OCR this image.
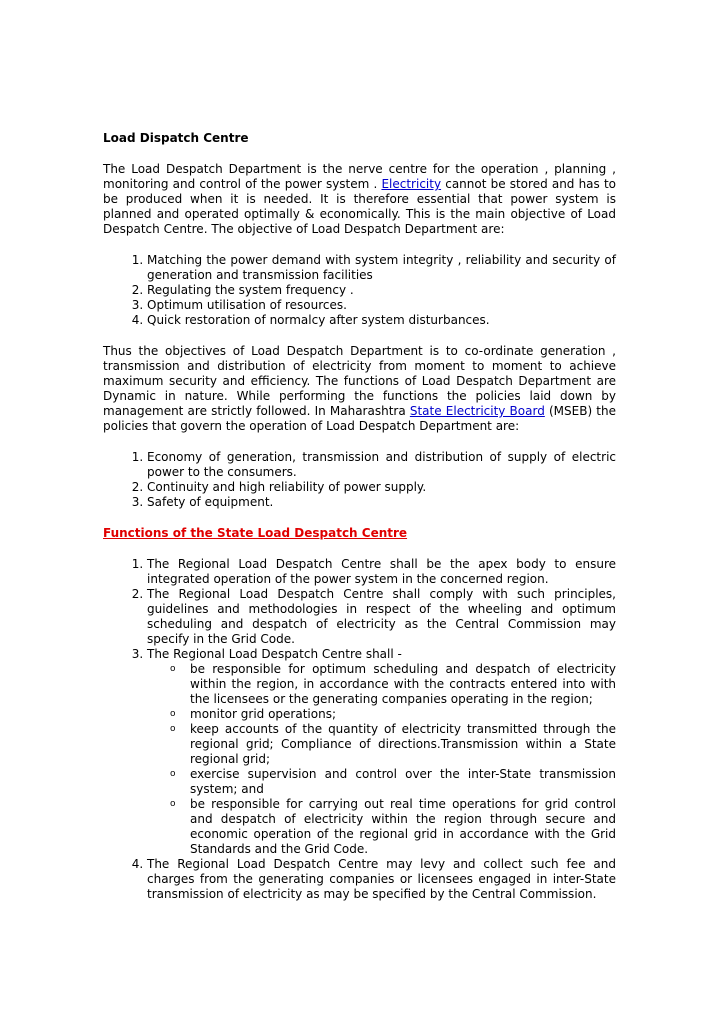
Load Dispatch Centre

The Load Despatch Department is the nerve centre for the operation , planning , monitoring and control of the power system . Electricity cannot be stored and has to be produced when it is needed. It is therefore essential that power system is planned and operated optimally & economically. This is the main objective of Load Despatch Centre. The objective of Load Despatch Department are:

1. Matching the power demand with system integrity , reliability and security of generation and transmission facilities
2. Regulating the system frequency .
3. Optimum utilisation of resources.
4. Quick restoration of normalcy after system disturbances.

Thus the objectives of Load Despatch Department is to co-ordinate generation , transmission and distribution of electricity from moment to moment to achieve maximum security and efficiency. The functions of Load Despatch Department are Dynamic in nature. While performing the functions the policies laid down by management are strictly followed. In Maharashtra State Electricity Board (MSEB) the policies that govern the operation of Load Despatch Department are:

1. Economy of generation, transmission and distribution of supply of electric power to the consumers.
2. Continuity and high reliability of power supply.
3. Safety of equipment.

Functions of the State Load Despatch Centre

1. The Regional Load Despatch Centre shall be the apex body to ensure integrated operation of the power system in the concerned region.
2. The Regional Load Despatch Centre shall comply with such principles, guidelines and methodologies in respect of the wheeling and optimum scheduling and despatch of electricity as the Central Commission may specify in the Grid Code.
3. The Regional Load Despatch Centre shall -
o be responsible for optimum scheduling and despatch of electricity within the region, in accordance with the contracts entered into with the licensees or the generating companies operating in the region;
o monitor grid operations;
o keep accounts of the quantity of electricity transmitted through the regional grid; Compliance of directions.Transmission within a State regional grid;
o exercise supervision and control over the inter-State transmission system; and
o be responsible for carrying out real time operations for grid control and despatch of electricity within the region through secure and economic operation of the regional grid in accordance with the Grid Standards and the Grid Code.
4. The Regional Load Despatch Centre may levy and collect such fee and charges from the generating companies or licensees engaged in inter-State transmission of electricity as may be specified by the Central Commission.
